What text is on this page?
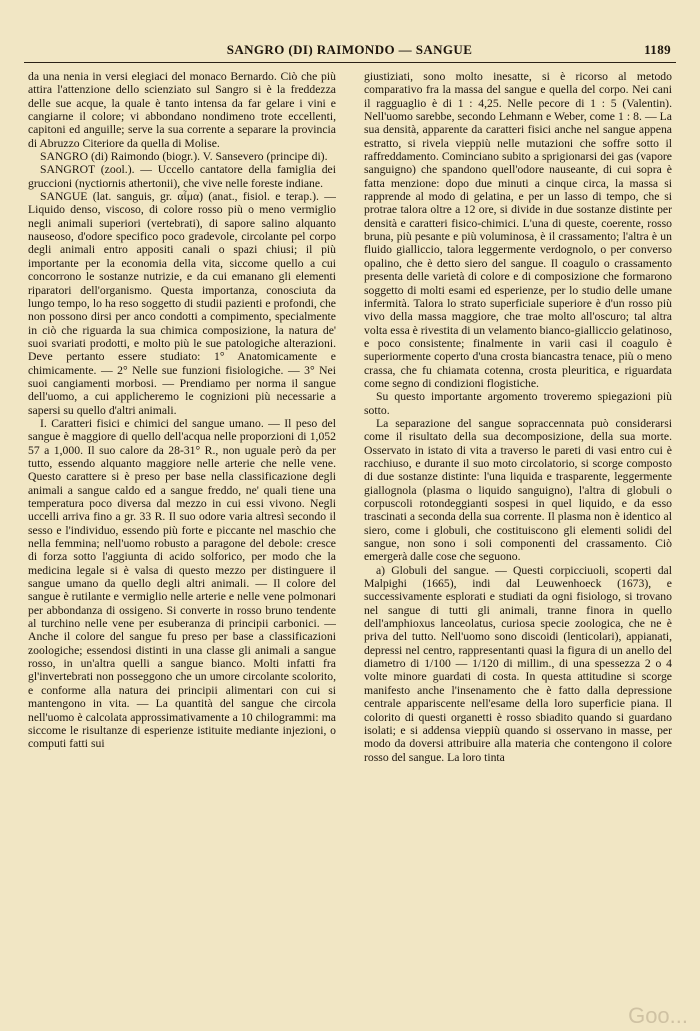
SANGRO (DI) RAIMONDO — SANGUE	1189

da una nenia in versi elegiaci del monaco Bernardo. Ciò che più attira l'attenzione dello scienziato sul Sangro si è la freddezza delle sue acque, la quale è tanto intensa da far gelare i vini e cangiarne il colore; vi abbondano nondimeno trote eccellenti, capitoni ed anguille; serve la sua corrente a separare la provincia di Abruzzo Citeriore da quella di Molise.

SANGRO (di) Raimondo (biogr.). V. Sansevero (principe di).

SANGROT (zool.). — Uccello cantatore della famiglia dei gruccioni (nyctiornis athertonii), che vive nelle foreste indiane.

SANGUE (lat. sanguis, gr. αἷμα) (anat., fisiol. e terap.). — Liquido denso, viscoso, di colore rosso più o meno vermiglio negli animali superiori (vertebrati), di sapore salino alquanto nauseoso, d'odore specifico poco gradevole, circolante pel corpo degli animali entro appositi canali o spazi chiusi; il più importante per la economia della vita, siccome quello a cui concorrono le sostanze nutrizie, e da cui emanano gli elementi riparatori dell'organismo. Questa importanza, conosciuta da lungo tempo, lo ha reso soggetto di studii pazienti e profondi, che non possono dirsi per anco condotti a compimento, specialmente in ciò che riguarda la sua chimica composizione, la natura de' suoi svariati prodotti, e molto più le sue patologiche alterazioni. Deve pertanto essere studiato: 1° Anatomicamente e chimicamente. — 2° Nelle sue funzioni fisiologiche. — 3° Nei suoi cangiamenti morbosi. — Prendiamo per norma il sangue dell'uomo, a cui applicheremo le cognizioni più necessarie a sapersi su quello d'altri animali.

I. Caratteri fisici e chimici del sangue umano. — Il peso del sangue è maggiore di quello dell'acqua nelle proporzioni di 1,052 57 a 1,000. Il suo calore da 28-31° R., non uguale però da per tutto, essendo alquanto maggiore nelle arterie che nelle vene. Questo carattere si è preso per base nella classificazione degli animali a sangue caldo ed a sangue freddo, ne' quali tiene una temperatura poco diversa dal mezzo in cui essi vivono. Negli uccelli arriva fino a gr. 33 R. Il suo odore varia altresì secondo il sesso e l'individuo, essendo più forte e piccante nel maschio che nella femmina; nell'uomo robusto a paragone del debole: cresce di forza sotto l'aggiunta di acido solforico, per modo che la medicina legale si è valsa di questo mezzo per distinguere il sangue umano da quello degli altri animali. — Il colore del sangue è rutilante e vermiglio nelle arterie e nelle vene polmonari per abbondanza di ossigeno. Si converte in rosso bruno tendente al turchino nelle vene per esuberanza di principii carbonici. — Anche il colore del sangue fu preso per base a classificazioni zoologiche; essendosi distinti in una classe gli animali a sangue rosso, in un'altra quelli a sangue bianco. Molti infatti fra gl'invertebrati non posseggono che un umore circolante scolorito, e conforme alla natura dei principii alimentari con cui si mantengono in vita. — La quantità del sangue che circola nell'uomo è calcolata approssimativamente a 10 chilogrammi: ma siccome le risultanze di esperienze istituite mediante injezioni, o computi fatti sui

giustiziati, sono molto inesatte, si è ricorso al metodo comparativo fra la massa del sangue e quella del corpo. Nei cani il ragguaglio è di 1 : 4,25. Nelle pecore di 1 : 5 (Valentin). Nell'uomo sarebbe, secondo Lehmann e Weber, come 1 : 8. — La sua densità, apparente da caratteri fisici anche nel sangue appena estratto, si rivela vieppiù nelle mutazioni che soffre sotto il raffreddamento. Cominciano subito a sprigionarsi dei gas (vapore sanguigno) che spandono quell'odore nauseante, di cui sopra è fatta menzione: dopo due minuti a cinque circa, la massa si rapprende al modo di gelatina, e per un lasso di tempo, che si protrae talora oltre a 12 ore, si divide in due sostanze distinte per densità e caratteri fisico-chimici. L'una di queste, coerente, rosso bruna, più pesante e più voluminosa, è il crassamento; l'altra è un fluido gialliccio, talora leggermente verdognolo, o per converso opalino, che è detto siero del sangue. Il coagulo o crassamento presenta delle varietà di colore e di composizione che formarono soggetto di molti esami ed esperienze, per lo studio delle umane infermità. Talora lo strato superficiale superiore è d'un rosso più vivo della massa maggiore, che trae molto all'oscuro; tal altra volta essa è rivestita di un velamento bianco-gialliccio gelatinoso, e poco consistente; finalmente in varii casi il coagulo è superiormente coperto d'una crosta biancastra tenace, più o meno crassa, che fu chiamata cotenna, crosta pleuritica, e riguardata come segno di condizioni flogistiche.

Su questo importante argomento troveremo spiegazioni più sotto.

La separazione del sangue sopraccennata può considerarsi come il risultato della sua decomposizione, della sua morte. Osservato in istato di vita a traverso le pareti di vasi entro cui è racchiuso, e durante il suo moto circolatorio, si scorge composto di due sostanze distinte: l'una liquida e trasparente, leggermente giallognola (plasma o liquido sanguigno), l'altra di globuli o corpuscoli rotondeggianti sospesi in quel liquido, e da esso trascinati a seconda della sua corrente. Il plasma non è identico al siero, come i globuli, che costituiscono gli elementi solidi del sangue, non sono i soli componenti del crassamento. Ciò emergerà dalle cose che seguono.

a) Globuli del sangue. — Questi corpicciuoli, scoperti dal Malpighi (1665), indi dal Leuwenhoeck (1673), e successivamente esplorati e studiati da ogni fisiologo, si trovano nel sangue di tutti gli animali, tranne finora in quello dell'amphioxus lanceolatus, curiosa specie zoologica, che ne è priva del tutto. Nell'uomo sono discoidi (lenticolari), appianati, depressi nel centro, rappresentanti quasi la figura di un anello del diametro di 1/100 — 1/120 di millim., di una spessezza 2 o 4 volte minore guardati di costa. In questa attitudine si scorge manifesto anche l'insenamento che è fatto dalla depressione centrale appariscente nell'esame della loro superficie piana. Il colorito di questi organetti è rosso sbiadito quando si guardano isolati; e si addensa vieppiù quando si osservano in masse, per modo da doversi attribuire alla materia che contengono il colore rosso del sangue. La loro tinta

Goo...
